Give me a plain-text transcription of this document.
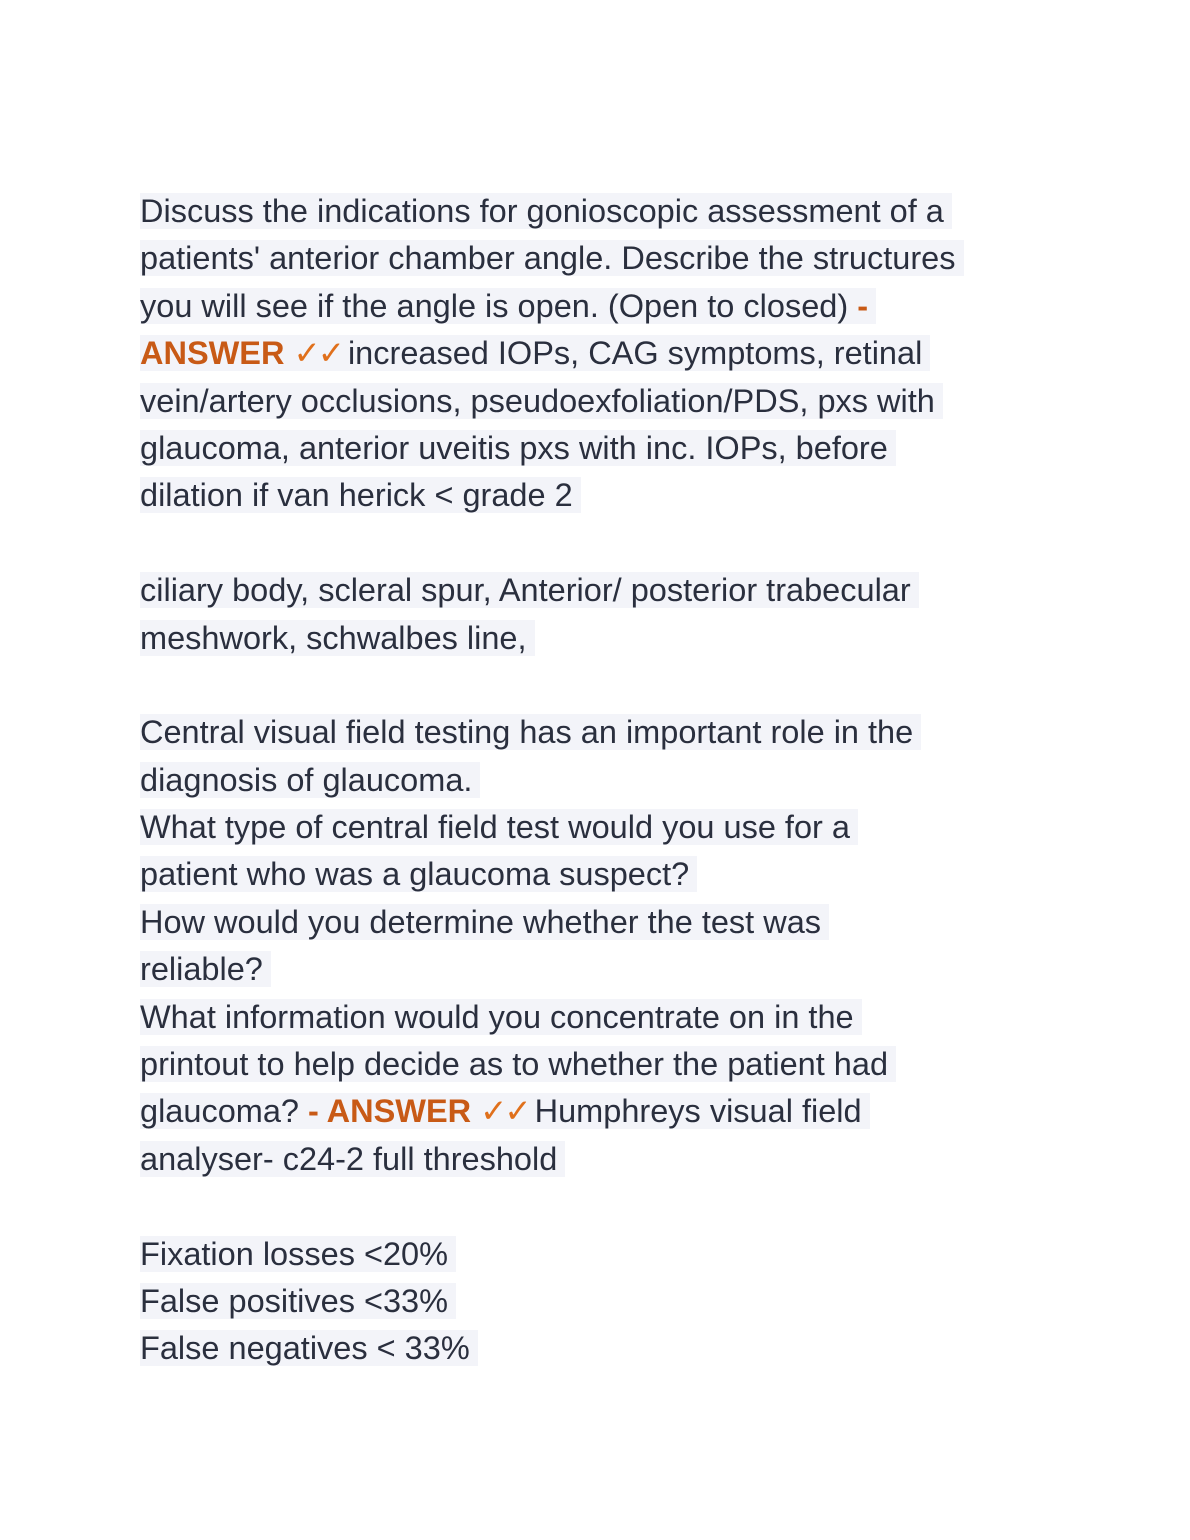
Discuss the indications for gonioscopic assessment of a
patients' anterior chamber angle. Describe the structures
you will see if the angle is open. (Open to closed) -
ANSWER ✓✓ increased IOPs, CAG symptoms, retinal
vein/artery occlusions, pseudoexfoliation/PDS, pxs with
glaucoma, anterior uveitis pxs with inc. IOPs, before
dilation if van herick < grade 2
ciliary body, scleral spur, Anterior/ posterior trabecular
meshwork, schwalbes line,
Central visual field testing has an important role in the
diagnosis of glaucoma.
What type of central field test would you use for a
patient who was a glaucoma suspect?
How would you determine whether the test was
reliable?
What information would you concentrate on in the
printout to help decide as to whether the patient had
glaucoma? - ANSWER ✓✓ Humphreys visual field
analyser- c24-2 full threshold
Fixation losses <20%
False positives <33%
False negatives < 33%
